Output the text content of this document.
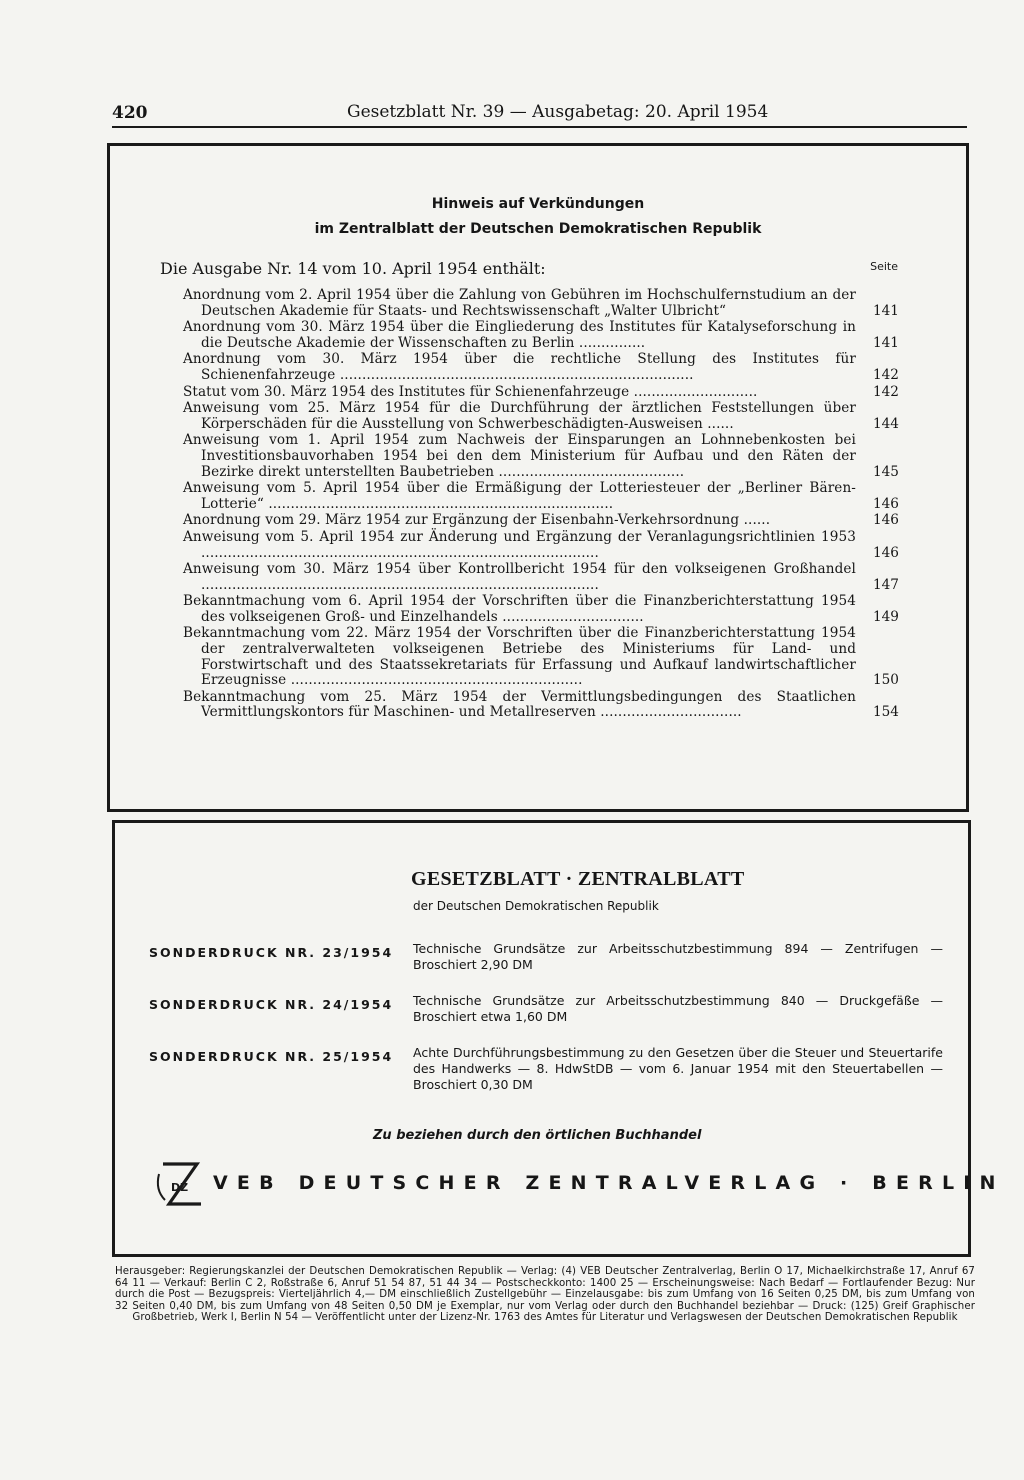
420	Gesetzblatt Nr. 39 — Ausgabetag: 20. April 1954
Hinweis auf Verkündungen
im Zentralblatt der Deutschen Demokratischen Republik
Die Ausgabe Nr. 14 vom 10. April 1954 enthält:	Seite
Anordnung vom 2. April 1954 über die Zahlung von Gebühren im Hochschulfernstudium an der Deutschen Akademie für Staats- und Rechtswissenschaft „Walter Ulbricht“	141
Anordnung vom 30. März 1954 über die Eingliederung des Institutes für Katalyseforschung in die Deutsche Akademie der Wissenschaften zu Berlin ...............	141
Anordnung vom 30. März 1954 über die rechtliche Stellung des Institutes für Schienenfahrzeuge ................................................................................	142
Statut vom 30. März 1954 des Institutes für Schienenfahrzeuge ............................	142
Anweisung vom 25. März 1954 für die Durchführung der ärztlichen Feststellungen über Körperschäden für die Ausstellung von Schwerbeschädigten-Ausweisen ......	144
Anweisung vom 1. April 1954 zum Nachweis der Einsparungen an Lohnnebenkosten bei Investitionsbauvorhaben 1954 bei den dem Ministerium für Aufbau und den Räten der Bezirke direkt unterstellten Baubetrieben ..........................................	145
Anweisung vom 5. April 1954 über die Ermäßigung der Lotteriesteuer der „Berliner Bären-Lotterie“ ..............................................................................	146
Anordnung vom 29. März 1954 zur Ergänzung der Eisenbahn-Verkehrsordnung ......	146
Anweisung vom 5. April 1954 zur Änderung und Ergänzung der Veranlagungsrichtlinien 1953 ..........................................................................................	146
Anweisung vom 30. März 1954 über Kontrollbericht 1954 für den volkseigenen Großhandel ..........................................................................................	147
Bekanntmachung vom 6. April 1954 der Vorschriften über die Finanzberichterstattung 1954 des volkseigenen Groß- und Einzelhandels ................................	149
Bekanntmachung vom 22. März 1954 der Vorschriften über die Finanzberichterstattung 1954 der zentralverwalteten volkseigenen Betriebe des Ministeriums für Land- und Forstwirtschaft und des Staatssekretariats für Erfassung und Aufkauf landwirtschaftlicher Erzeugnisse ..................................................................	150
Bekanntmachung vom 25. März 1954 der Vermittlungsbedingungen des Staatlichen Vermittlungskontors für Maschinen- und Metallreserven ................................	154
GESETZBLATT · ZENTRALBLATT
der Deutschen Demokratischen Republik
SONDERDRUCK NR. 23/1954 Technische Grundsätze zur Arbeitsschutzbestimmung 894 — Zentrifugen — Broschiert 2,90 DM
SONDERDRUCK NR. 24/1954 Technische Grundsätze zur Arbeitsschutzbestimmung 840 — Druckgefäße — Broschiert etwa 1,60 DM
SONDERDRUCK NR. 25/1954 Achte Durchführungsbestimmung zu den Gesetzen über die Steuer und Steuertarife des Handwerks — 8. HdwStDB — vom 6. Januar 1954 mit den Steuertabellen — Broschiert 0,30 DM
Zu beziehen durch den örtlichen Buchhandel
DZ VEB DEUTSCHER ZENTRALVERLAG · BERLIN
Herausgeber: Regierungskanzlei der Deutschen Demokratischen Republik — Verlag: (4) VEB Deutscher Zentralverlag, Berlin O 17, Michaelkirchstraße 17, Anruf 67 64 11 — Verkauf: Berlin C 2, Roßstraße 6, Anruf 51 54 87, 51 44 34 — Postscheckkonto: 1400 25 — Erscheinungsweise: Nach Bedarf — Fortlaufender Bezug: Nur durch die Post — Bezugspreis: Vierteljährlich 4,— DM einschließlich Zustellgebühr — Einzelausgabe: bis zum Umfang von 16 Seiten 0,25 DM, bis zum Umfang von 32 Seiten 0,40 DM, bis zum Umfang von 48 Seiten 0,50 DM je Exemplar, nur vom Verlag oder durch den Buchhandel beziehbar — Druck: (125) Greif Graphischer Großbetrieb, Werk I, Berlin N 54 — Veröffentlicht unter der Lizenz-Nr. 1763 des Amtes für Literatur und Verlagswesen der Deutschen Demokratischen Republik
